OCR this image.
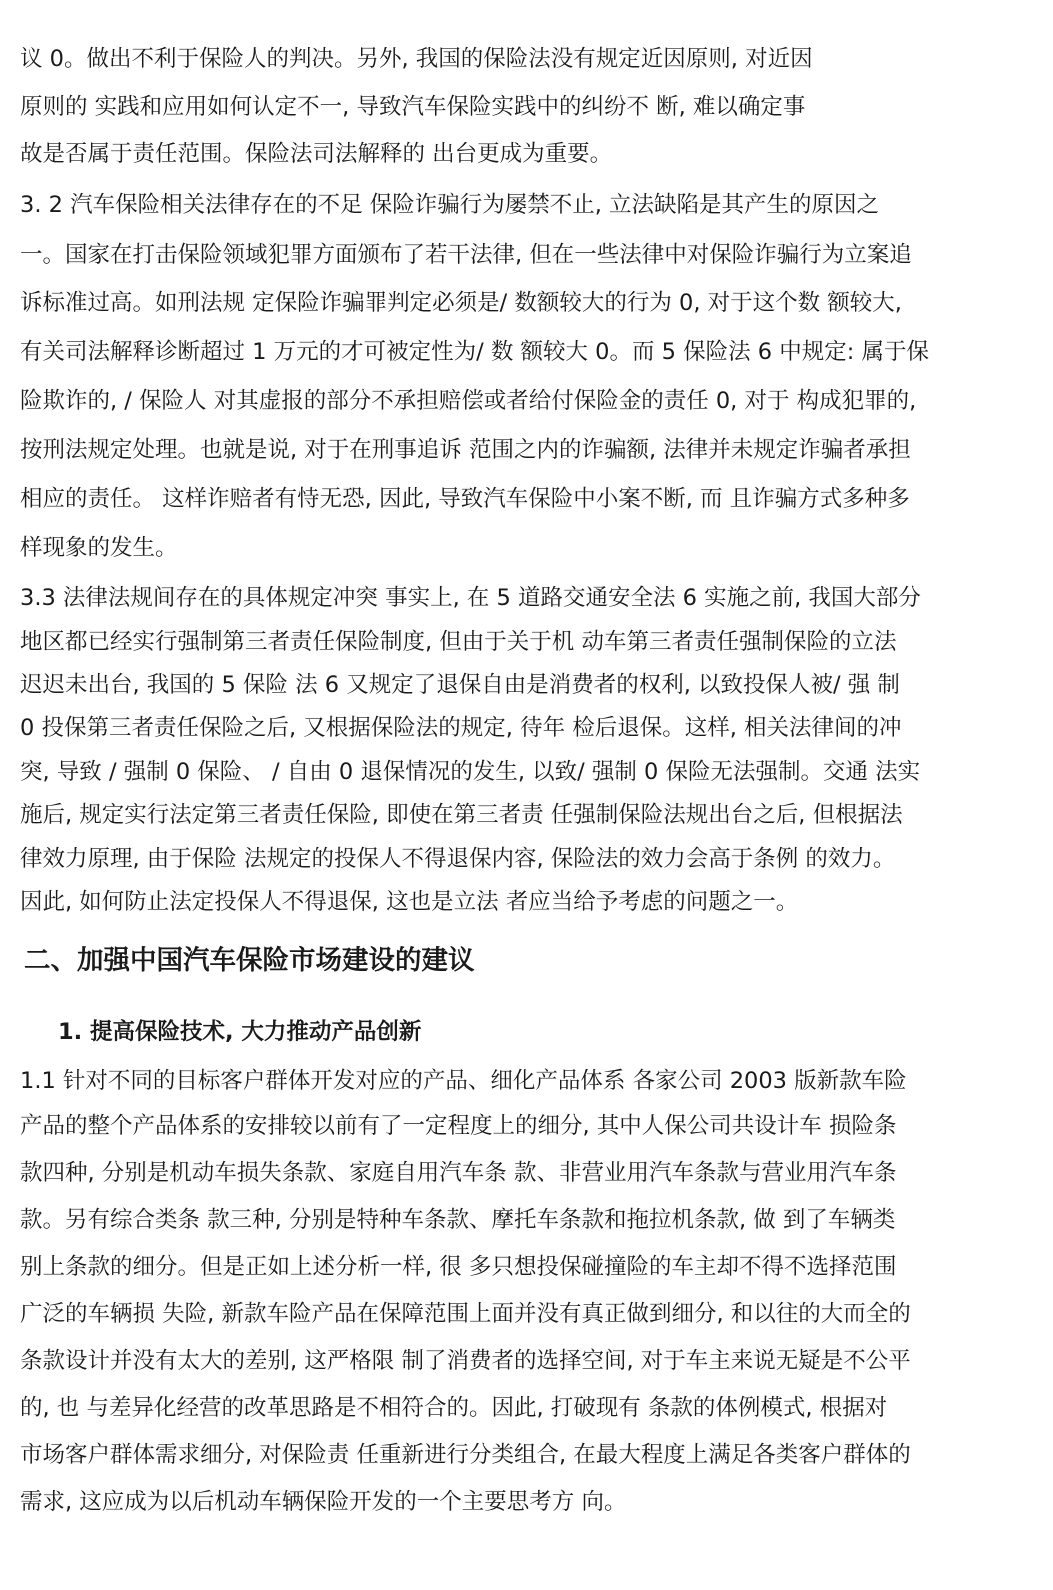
议 0。做出不利于保险人的判决。另外, 我国的保险法没有规定近因原则, 对近因

原则的 实践和应用如何认定不一, 导致汽车保险实践中的纠纷不 断, 难以确定事

故是否属于责任范围。保险法司法解释的 出台更成为重要。

3. 2 汽车保险相关法律存在的不足 保险诈骗行为屡禁不止, 立法缺陷是其产生的原因之

一。国家在打击保险领域犯罪方面颁布了若干法律, 但在一些法律中对保险诈骗行为立案追

诉标准过高。如刑法规 定保险诈骗罪判定必须是/ 数额较大的行为 0, 对于这个数 额较大,

有关司法解释诊断超过 1 万元的才可被定性为/ 数 额较大 0。而 5 保险法 6 中规定: 属于保

险欺诈的, / 保险人 对其虚报的部分不承担赔偿或者给付保险金的责任 0, 对于 构成犯罪的,

按刑法规定处理。也就是说, 对于在刑事追诉 范围之内的诈骗额, 法律并未规定诈骗者承担

相应的责任。 这样诈赔者有恃无恐, 因此, 导致汽车保险中小案不断, 而 且诈骗方式多种多

样现象的发生。

3.3 法律法规间存在的具体规定冲突 事实上, 在 5 道路交通安全法 6 实施之前, 我国大部分

地区都已经实行强制第三者责任保险制度, 但由于关于机 动车第三者责任强制保险的立法

迟迟未出台, 我国的 5 保险 法 6 又规定了退保自由是消费者的权利, 以致投保人被/ 强 制

0 投保第三者责任保险之后, 又根据保险法的规定, 待年 检后退保。这样, 相关法律间的冲

突, 导致 / 强制 0 保险、 / 自由 0 退保情况的发生, 以致/ 强制 0 保险无法强制。交通 法实

施后, 规定实行法定第三者责任保险, 即使在第三者责 任强制保险法规出台之后, 但根据法

律效力原理, 由于保险 法规定的投保人不得退保内容, 保险法的效力会高于条例 的效力。

因此, 如何防止法定投保人不得退保, 这也是立法 者应当给予考虑的问题之一。

二、加强中国汽车保险市场建设的建议
1. 提高保险技术, 大力推动产品创新

1.1 针对不同的目标客户群体开发对应的产品、细化产品体系 各家公司 2003 版新款车险

产品的整个产品体系的安排较以前有了一定程度上的细分, 其中人保公司共设计车 损险条

款四种, 分别是机动车损失条款、家庭自用汽车条 款、非营业用汽车条款与营业用汽车条

款。另有综合类条 款三种, 分别是特种车条款、摩托车条款和拖拉机条款, 做 到了车辆类

别上条款的细分。但是正如上述分析一样, 很 多只想投保碰撞险的车主却不得不选择范围

广泛的车辆损 失险, 新款车险产品在保障范围上面并没有真正做到细分, 和以往的大而全的

条款设计并没有太大的差别, 这严格限 制了消费者的选择空间, 对于车主来说无疑是不公平

的, 也 与差异化经营的改革思路是不相符合的。因此, 打破现有 条款的体例模式, 根据对

市场客户群体需求细分, 对保险责 任重新进行分类组合, 在最大程度上满足各类客户群体的

需求, 这应成为以后机动车辆保险开发的一个主要思考方 向。
